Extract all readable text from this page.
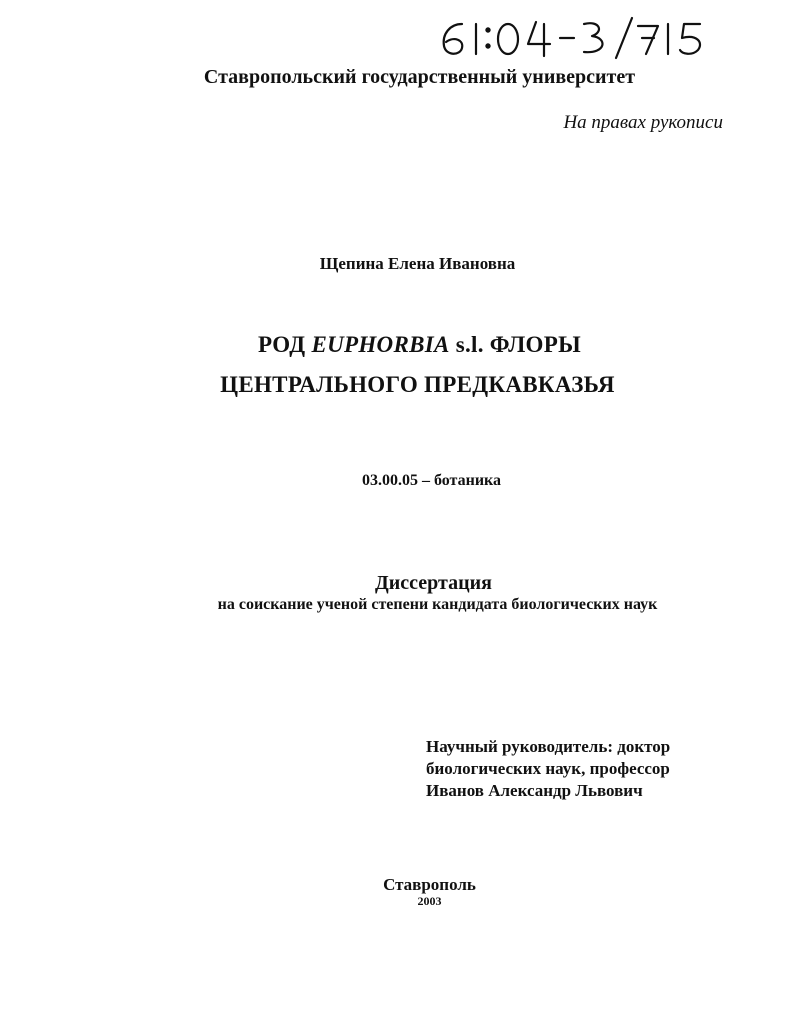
Ставропольский государственный университет
На правах рукописи
Щепина Елена Ивановна
РОД EUPHORBIA s.l. ФЛОРЫ
ЦЕНТРАЛЬНОГО ПРЕДКАВКАЗЬЯ
03.00.05 – ботаника
Диссертация
на соискание ученой степени кандидата биологических наук
Научный руководитель: доктор
биологических наук, профессор
Иванов Александр Львович
Ставрополь
2003
